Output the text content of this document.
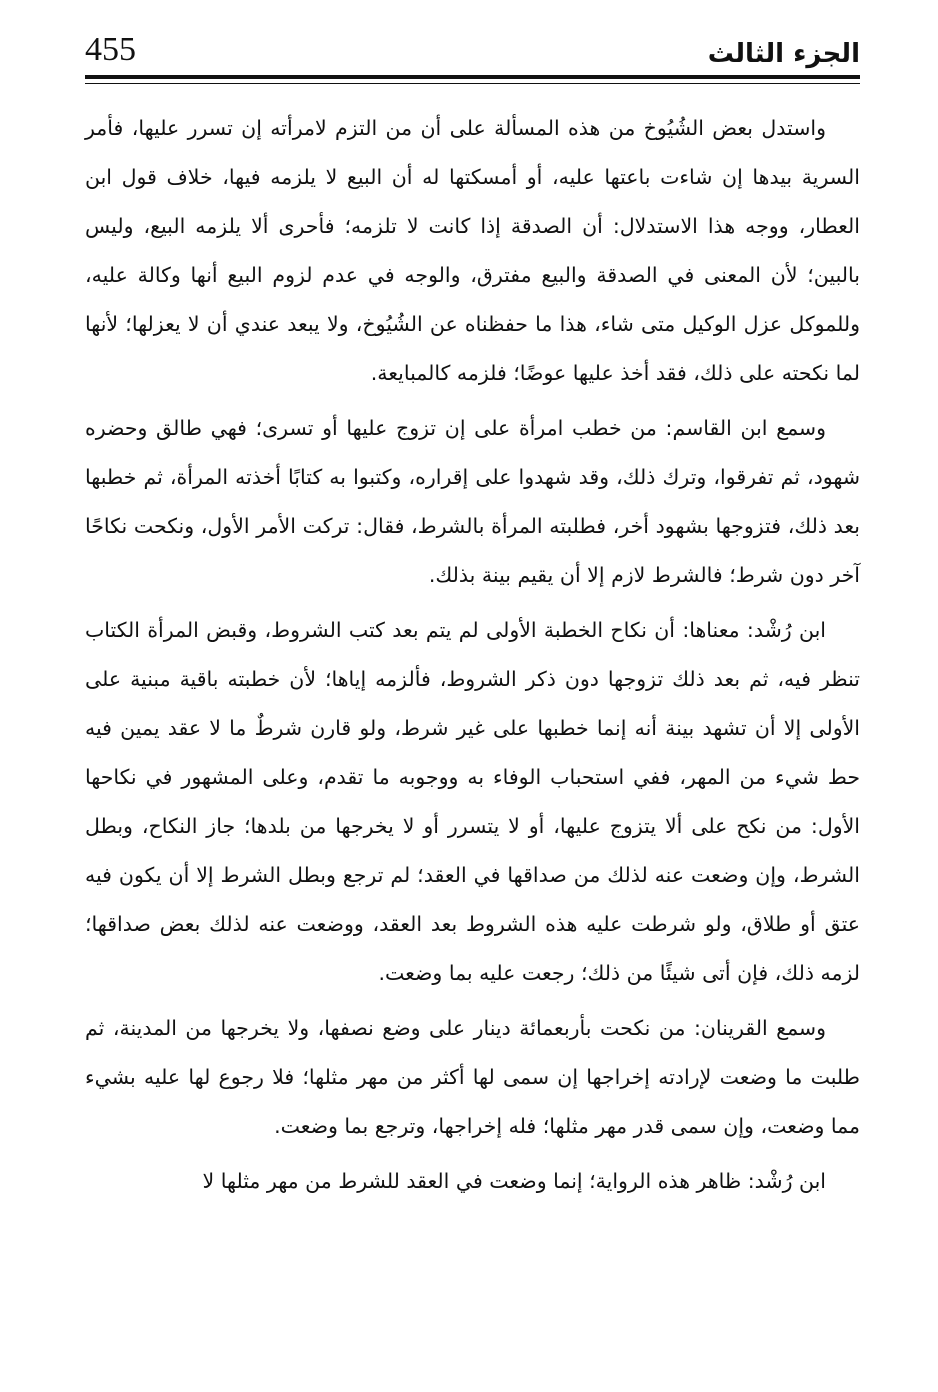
455	الجزء الثالث

واستدل بعض الشُيُوخ من هذه المسألة على أن من التزم لامرأته إن تسرر عليها، فأمر السرية بيدها إن شاءت باعتها عليه، أو أمسكتها له أن البيع لا يلزمه فيها، خلاف قول ابن العطار، ووجه هذا الاستدلال: أن الصدقة إذا كانت لا تلزمه؛ فأحرى ألا يلزمه البيع، وليس بالبين؛ لأن المعنى في الصدقة والبيع مفترق، والوجه في عدم لزوم البيع أنها وكالة عليه، وللموكل عزل الوكيل متى شاء، هذا ما حفظناه عن الشُيُوخ، ولا يبعد عندي أن لا يعزلها؛ لأنها لما نكحته على ذلك، فقد أخذ عليها عوضًا؛ فلزمه كالمبايعة.

وسمع ابن القاسم: من خطب امرأة على إن تزوج عليها أو تسرى؛ فهي طالق وحضره شهود، ثم تفرقوا، وترك ذلك، وقد شهدوا على إقراره، وكتبوا به كتابًا أخذته المرأة، ثم خطبها بعد ذلك، فتزوجها بشهود أخر، فطلبته المرأة بالشرط، فقال: تركت الأمر الأول، ونكحت نكاحًا آخر دون شرط؛ فالشرط لازم إلا أن يقيم بينة بذلك.

ابن رُشْد: معناها: أن نكاح الخطبة الأولى لم يتم بعد كتب الشروط، وقبض المرأة الكتاب تنظر فيه، ثم بعد ذلك تزوجها دون ذكر الشروط، فألزمه إياها؛ لأن خطبته باقية مبنية على الأولى إلا أن تشهد بينة أنه إنما خطبها على غير شرط، ولو قارن شرطٌ ما لا عقد يمين فيه حط شيء من المهر، ففي استحباب الوفاء به ووجوبه ما تقدم، وعلى المشهور في نكاحها الأول: من نكح على ألا يتزوج عليها، أو لا يتسرر أو لا يخرجها من بلدها؛ جاز النكاح، وبطل الشرط، وإن وضعت عنه لذلك من صداقها في العقد؛ لم ترجع وبطل الشرط إلا أن يكون فيه عتق أو طلاق، ولو شرطت عليه هذه الشروط بعد العقد، ووضعت عنه لذلك بعض صداقها؛ لزمه ذلك، فإن أتى شيئًا من ذلك؛ رجعت عليه بما وضعت.

وسمع القرينان: من نكحت بأربعمائة دينار على وضع نصفها، ولا يخرجها من المدينة، ثم طلبت ما وضعت لإرادته إخراجها إن سمى لها أكثر من مهر مثلها؛ فلا رجوع لها عليه بشيء مما وضعت، وإن سمى قدر مهر مثلها؛ فله إخراجها، وترجع بما وضعت.

ابن رُشْد: ظاهر هذه الرواية؛ إنما وضعت في العقد للشرط من مهر مثلها لا
